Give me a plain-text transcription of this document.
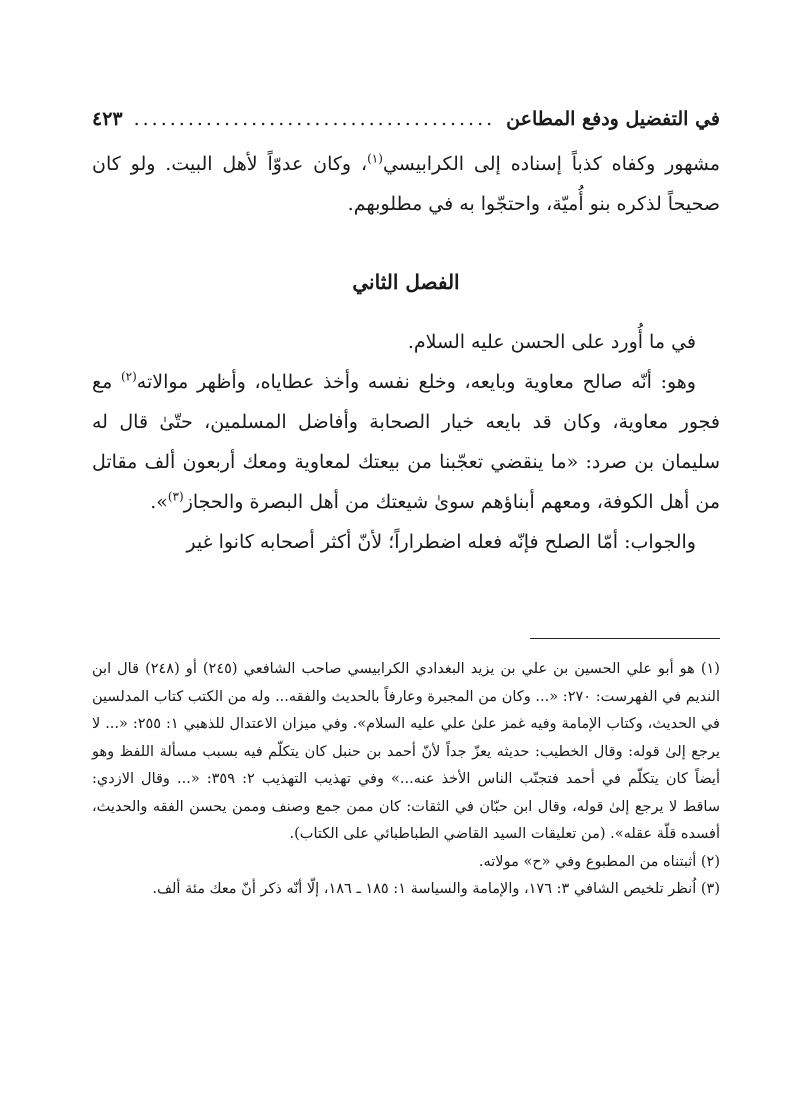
في التفضيل ودفع المطاعن
........................................
٤٢٣

مشهور وكفاه كذباً إسناده إلى الكرابيسي$^{(١)}$، وكان عدوّاً لأهل البيت. ولو كان صحيحاً لذكره بنو أُميّة، واحتجّوا به في مطلوبهم.

الفصل الثاني

في ما أُورد على الحسن عليه السلام.

وهو: أنّه صالح معاوية وبايعه، وخلع نفسه وأخذ عطاياه، وأظهر موالاته$^{(٢)}$ مع فجور معاوية، وكان قد بايعه خيار الصحابة وأفاضل المسلمين، حتّىٰ قال له سليمان بن صرد: «ما ينقضي تعجّبنا من بيعتك لمعاوية ومعك أربعون ألف مقاتل من أهل الكوفة، ومعهم أبناؤهم سوىٰ شيعتك من أهل البصرة والحجاز$^{(٣)}$».

والجواب: أمّا الصلح فإنّه فعله اضطراراً؛ لأنّ أكثر أصحابه كانوا غير

(١) هو أبو علي الحسين بن علي بن يزيد البغدادي الكرابيسي صاحب الشافعي (٢٤٥) أو (٢٤٨) قال ابن النديم في الفهرست: ٢٧٠: «... وكان من المجبرة وعارفاً بالحديث والفقه... وله من الكتب كتاب المدلسين في الحديث، وكتاب الإمامة وفيه غمز علىٰ علي عليه السلام». وفي ميزان الاعتدال للذهبي ١: ٢٥٥: «... لا يرجع إلىٰ قوله: وقال الخطيب: حديثه يعزّ جداً لأنّ أحمد بن حنبل كان يتكلّم فيه بسبب مسألة اللفظ وهو أيضاً كان يتكلّم في أحمد فتجنّب الناس الأخذ عنه...» وفي تهذيب التهذيب ٢: ٣٥٩: «... وقال الازدي: ساقط لا يرجع إلىٰ قوله، وقال ابن حبّان في الثقات: كان ممن جمع وصنف وممن يحسن الفقه والحديث، أفسده قلّة عقله». (من تعليقات السيد القاضي الطباطبائي على الكتاب).

(٢) أثبتناه من المطبوع وفي «ح» مولاته.

(٣) اُنظر تلخيص الشافي ٣: ١٧٦، والإمامة والسياسة ١: ١٨٥ ـ ١٨٦، إلّا أنّه ذكر أنّ معك مئة ألف.
